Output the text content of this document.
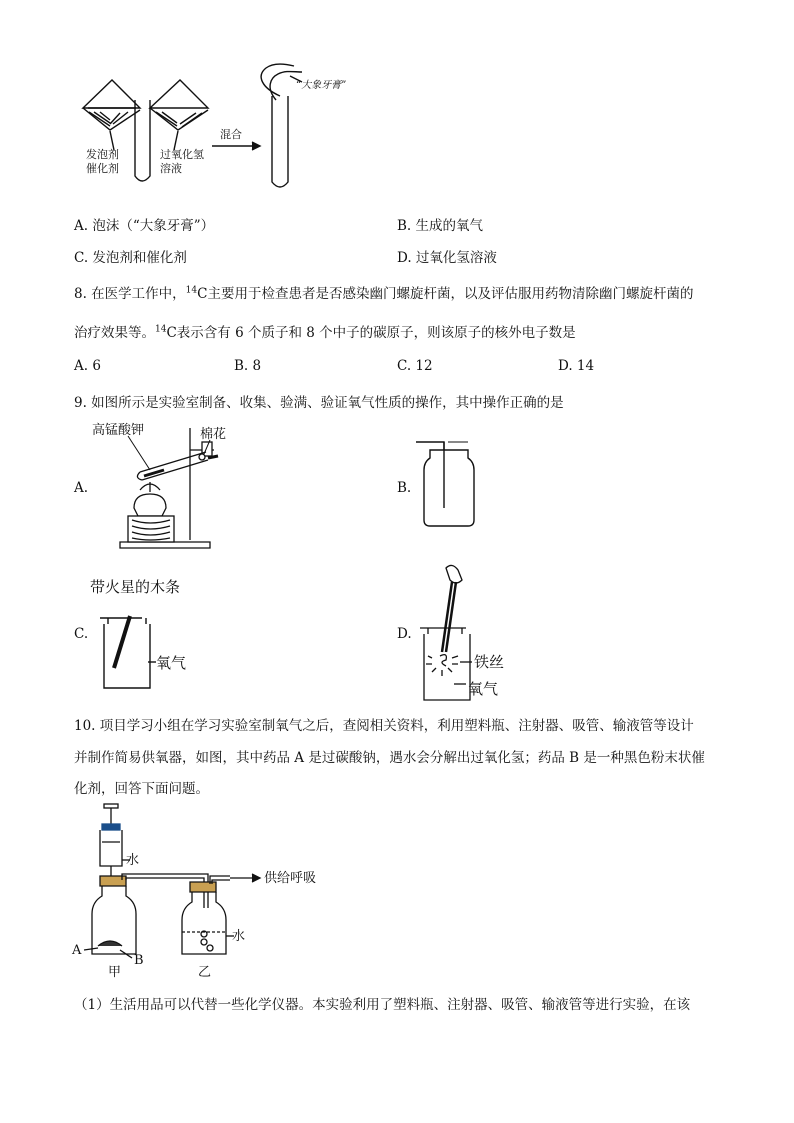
发泡剂
催化剂
过氧化氢
溶液
混合
“大象牙膏”
A. 泡沫（“大象牙膏”）	B. 生成的氧气
C. 发泡剂和催化剂	D. 过氧化氢溶液
8. 在医学工作中，$^{14}$C主要用于检查患者是否感染幽门螺旋杆菌，以及评估服用药物清除幽门螺旋杆菌的
治疗效果等。$^{14}$C表示含有 6 个质子和 8 个中子的碳原子，则该原子的核外电子数是
A. 6	B. 8	C. 12	D. 14
9. 如图所示是实验室制备、收集、验满、验证氧气性质的操作，其中操作正确的是
A.
高锰酸钾	棉花
B.
带火星的木条
氧气
C.	D.
铁丝
氧气
10. 项目学习小组在学习实验室制氧气之后，查阅相关资料，利用塑料瓶、注射器、吸管、输液管等设计
并制作简易供氧器，如图，其中药品 A 是过碳酸钠，遇水会分解出过氧化氢；药品 B 是一种黑色粉末状催
化剂，回答下面问题。
水
供给呼吸
水
A
B
甲	乙
（1）生活用品可以代替一些化学仪器。本实验利用了塑料瓶、注射器、吸管、输液管等进行实验，在该
